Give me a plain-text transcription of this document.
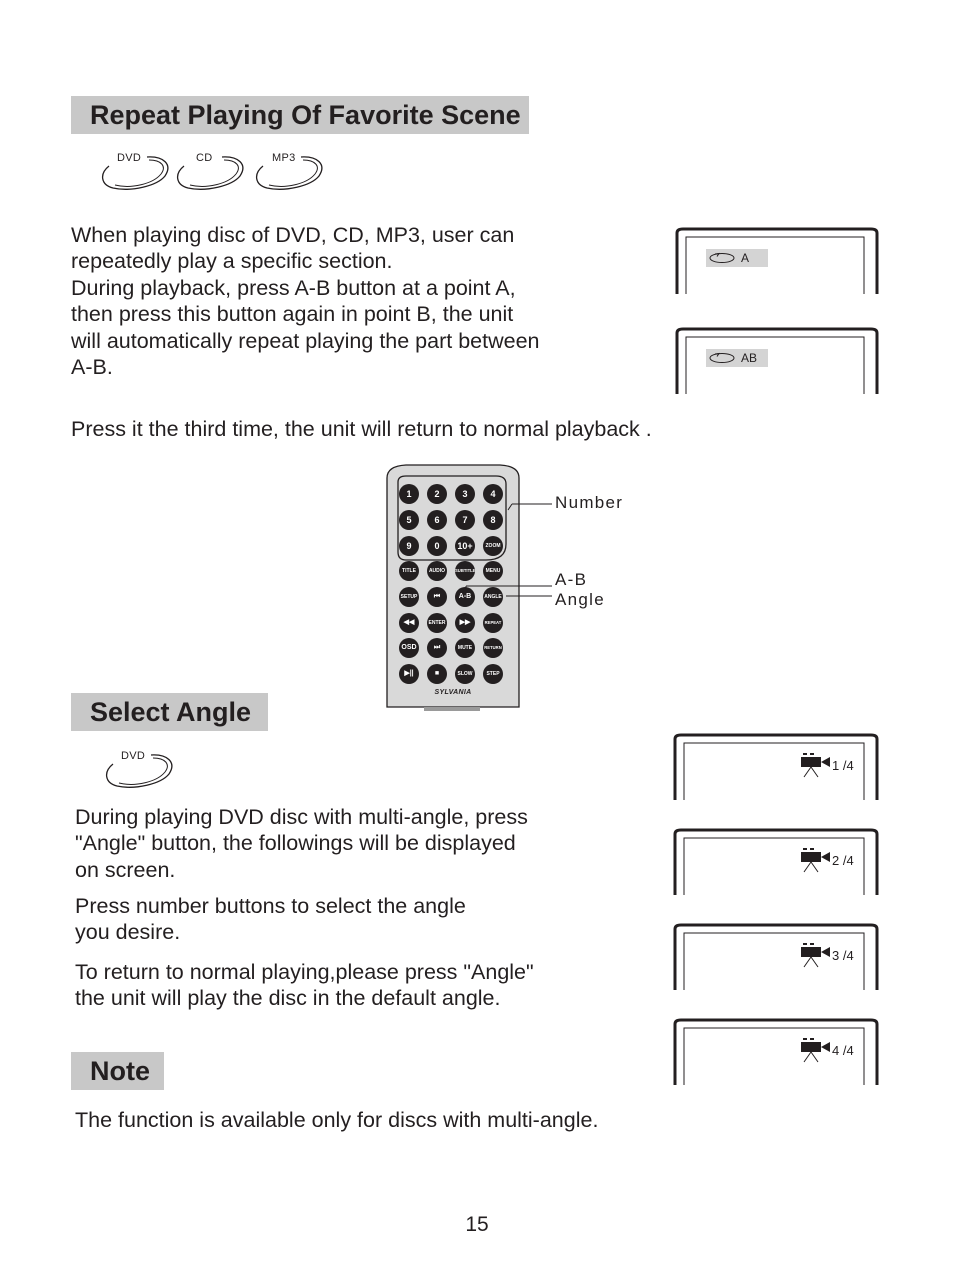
Repeat Playing Of Favorite Scene
DVD	CD	MP3
When playing disc of DVD, CD, MP3, user can
repeatedly play a specific section.
During playback, press A-B button at a point A,
then press this button again in point B, the unit
will automatically repeat playing the part between
A-B.
Press it the third time, the unit will return to normal playback .
A
AB
1	2	3	4
5	6	7	8
9	0	10+	ZOOM
TITLE	AUDIO	SUBTITLE	MENU
SETUP	⏮	A-B	ANGLE
◀◀	ENTER	▶▶	REPEAT
OSD	⏭	MUTE	RETURN
▶||	■	SLOW	STEP
SYLVANIA
Number
A-B
Angle
Select Angle
DVD
During playing DVD disc with multi-angle, press
"Angle" button, the followings will be displayed
on screen.
Press number buttons to select the angle
you desire.
To return to normal playing,please press "Angle"
the unit will play the disc in the default angle.
1 /4
2 /4
3 /4
4 /4
Note
The function is available only for discs with multi-angle.
15
